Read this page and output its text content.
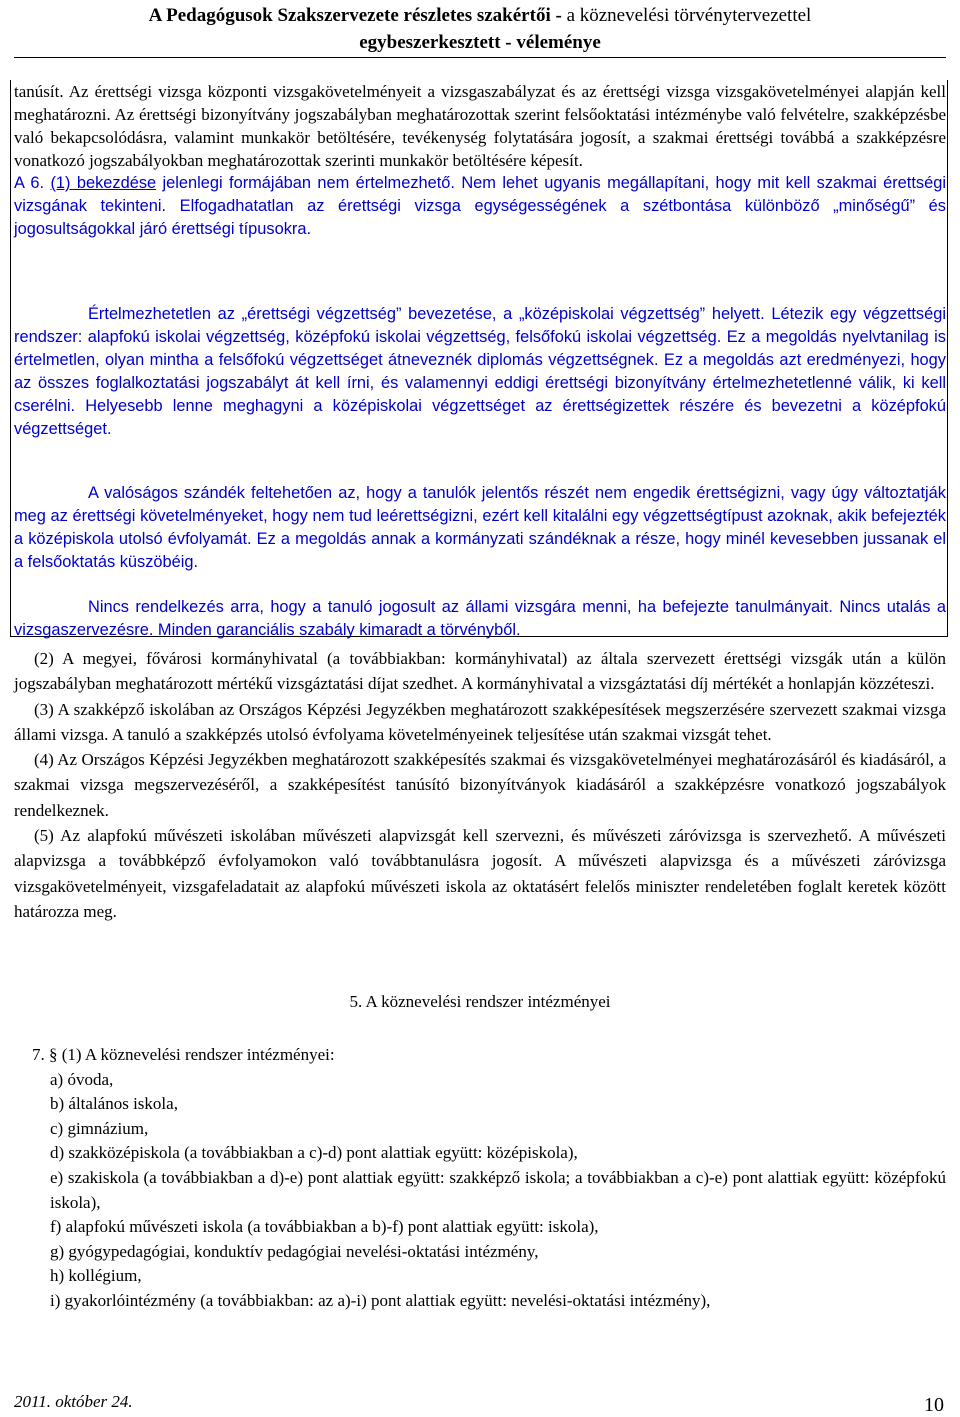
A Pedagógusok Szakszervezete részletes szakértői - a köznevelési törvénytervezettel
egybeszerkesztett - véleménye

tanúsít. Az érettségi vizsga központi vizsgakövetelményeit a vizsgaszabályzat és az érettségi vizsga vizsgakövetelményei alapján kell meghatározni. Az érettségi bizonyítvány jogszabályban meghatározottak szerint felsőoktatási intézménybe való felvételre, szakképzésbe való bekapcsolódásra, valamint munkakör betöltésére, tevékenység folytatására jogosít, a szakmai érettségi továbbá a szakképzésre vonatkozó jogszabályokban meghatározottak szerinti munkakör betöltésére képesít.

A 6. (1) bekezdése jelenlegi formájában nem értelmezhető. Nem lehet ugyanis megállapítani, hogy mit kell szakmai érettségi vizsgának tekinteni. Elfogadhatatlan az érettségi vizsga egységességének a szétbontása különböző „minőségű” és jogosultságokkal járó érettségi típusokra.

Értelmezhetetlen az „érettségi végzettség” bevezetése, a „középiskolai végzettség” helyett. Létezik egy végzettségi rendszer: alapfokú iskolai végzettség, középfokú iskolai végzettség, felsőfokú iskolai végzettség. Ez a megoldás nyelvtanilag is értelmetlen, olyan mintha a felsőfokú végzettséget átneveznék diplomás végzettségnek. Ez a megoldás azt eredményezi, hogy az összes foglalkoztatási jogszabályt át kell írni, és valamennyi eddigi érettségi bizonyítvány értelmezhetetlenné válik, ki kell cserélni. Helyesebb lenne meghagyni a középiskolai végzettséget az érettségizettek részére és bevezetni a középfokú végzettséget.

A valóságos szándék feltehetően az, hogy a tanulók jelentős részét nem engedik érettségizni, vagy úgy változtatják meg az érettségi követelményeket, hogy nem tud leérettségizni, ezért kell kitalálni egy végzettségtípust azoknak, akik befejezték a középiskola utolsó évfolyamát. Ez a megoldás annak a kormányzati szándéknak a része, hogy minél kevesebben jussanak el a felsőoktatás küszöbéig.

Nincs rendelkezés arra, hogy a tanuló jogosult az állami vizsgára menni, ha befejezte tanulmányait. Nincs utalás a vizsgaszervezésre. Minden garanciális szabály kimaradt a törvényből.

(2) A megyei, fővárosi kormányhivatal (a továbbiakban: kormányhivatal) az általa szervezett érettségi vizsgák után a külön jogszabályban meghatározott mértékű vizsgáztatási díjat szedhet. A kormányhivatal a vizsgáztatási díj mértékét a honlapján közzéteszi.

(3) A szakképző iskolában az Országos Képzési Jegyzékben meghatározott szakképesítések megszerzésére szervezett szakmai vizsga állami vizsga. A tanuló a szakképzés utolsó évfolyama követelményeinek teljesítése után szakmai vizsgát tehet.

(4) Az Országos Képzési Jegyzékben meghatározott szakképesítés szakmai és vizsgakövetelményei meghatározásáról és kiadásáról, a szakmai vizsga megszervezéséről, a szakképesítést tanúsító bizonyítványok kiadásáról a szakképzésre vonatkozó jogszabályok rendelkeznek.

(5) Az alapfokú művészeti iskolában művészeti alapvizsgát kell szervezni, és művészeti záróvizsga is szervezhető. A művészeti alapvizsga a továbbképző évfolyamokon való továbbtanulásra jogosít. A művészeti alapvizsga és a művészeti záróvizsga vizsgakövetelményeit, vizsgafeladatait az alapfokú művészeti iskola az oktatásért felelős miniszter rendeletében foglalt keretek között határozza meg.

5. A köznevelési rendszer intézményei
7. § (1) A köznevelési rendszer intézményei:
a) óvoda,
b) általános iskola,
c) gimnázium,
d) szakközépiskola (a továbbiakban a c)-d) pont alattiak együtt: középiskola),
e) szakiskola (a továbbiakban a d)-e) pont alattiak együtt: szakképző iskola; a továbbiakban a c)-e) pont alattiak együtt: középfokú iskola),
f) alapfokú művészeti iskola (a továbbiakban a b)-f) pont alattiak együtt: iskola),
g) gyógypedagógiai, konduktív pedagógiai nevelési-oktatási intézmény,
h) kollégium,
i) gyakorlóintézmény (a továbbiakban: az a)-i) pont alattiak együtt: nevelési-oktatási intézmény),
2011. október 24.	10
